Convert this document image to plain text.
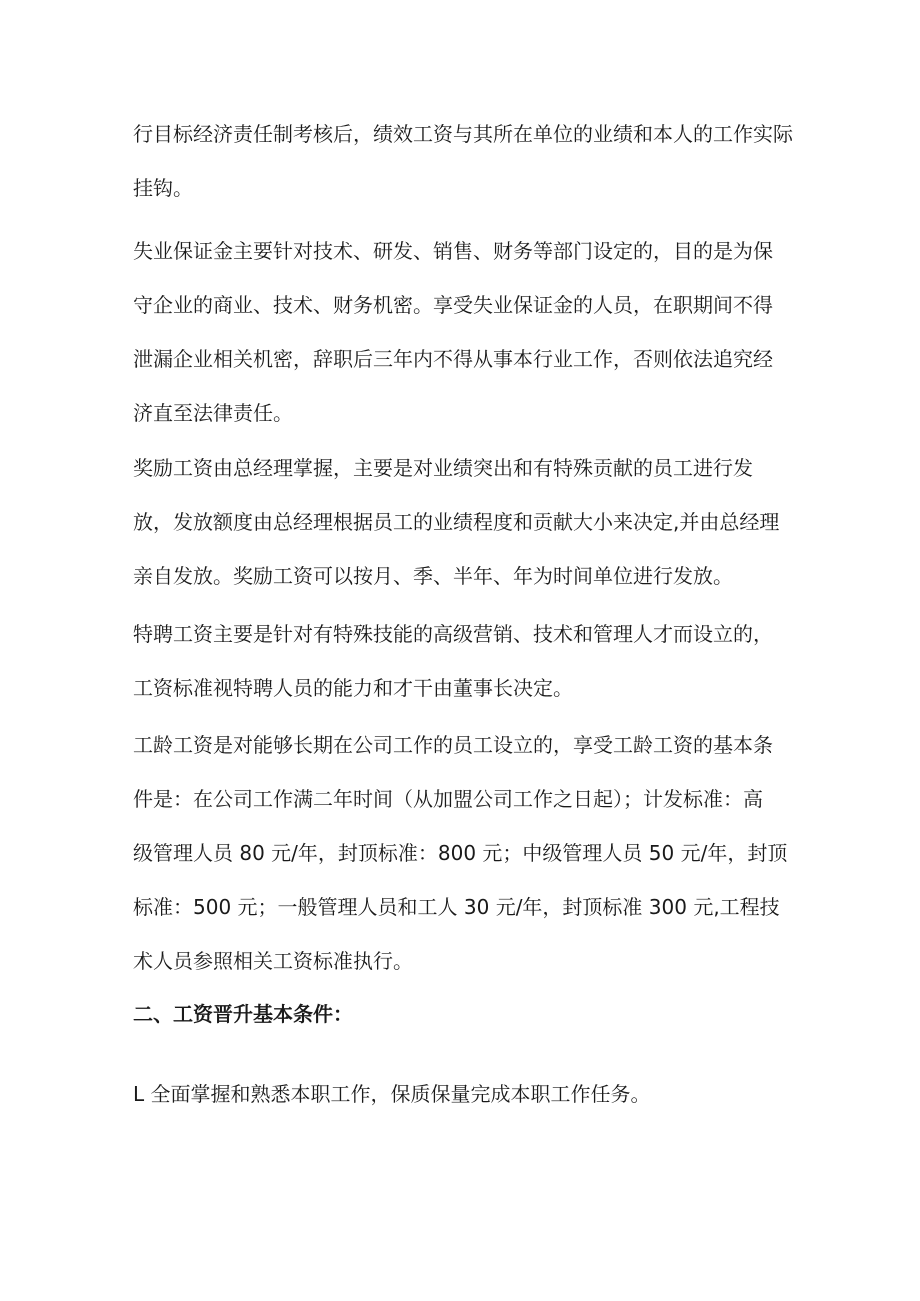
行目标经济责任制考核后，绩效工资与其所在单位的业绩和本人的工作实际
挂钩。

失业保证金主要针对技术、研发、销售、财务等部门设定的，目的是为保
守企业的商业、技术、财务机密。享受失业保证金的人员，在职期间不得
泄漏企业相关机密，辞职后三年内不得从事本行业工作，否则依法追究经
济直至法律责任。

奖励工资由总经理掌握，主要是对业绩突出和有特殊贡献的员工进行发
放，发放额度由总经理根据员工的业绩程度和贡献大小来决定,并由总经理
亲自发放。奖励工资可以按月、季、半年、年为时间单位进行发放。

特聘工资主要是针对有特殊技能的高级营销、技术和管理人才而设立的，
工资标准视特聘人员的能力和才干由董事长决定。

工龄工资是对能够长期在公司工作的员工设立的，享受工龄工资的基本条
件是：在公司工作满二年时间（从加盟公司工作之日起）；计发标准：高
级管理人员 80 元/年，封顶标准：800 元；中级管理人员 50 元/年，封顶
标准：500 元；一般管理人员和工人 30 元/年，封顶标准 300 元,工程技
术人员参照相关工资标准执行。

二、工资晋升基本条件：

L 全面掌握和熟悉本职工作，保质保量完成本职工作任务。
